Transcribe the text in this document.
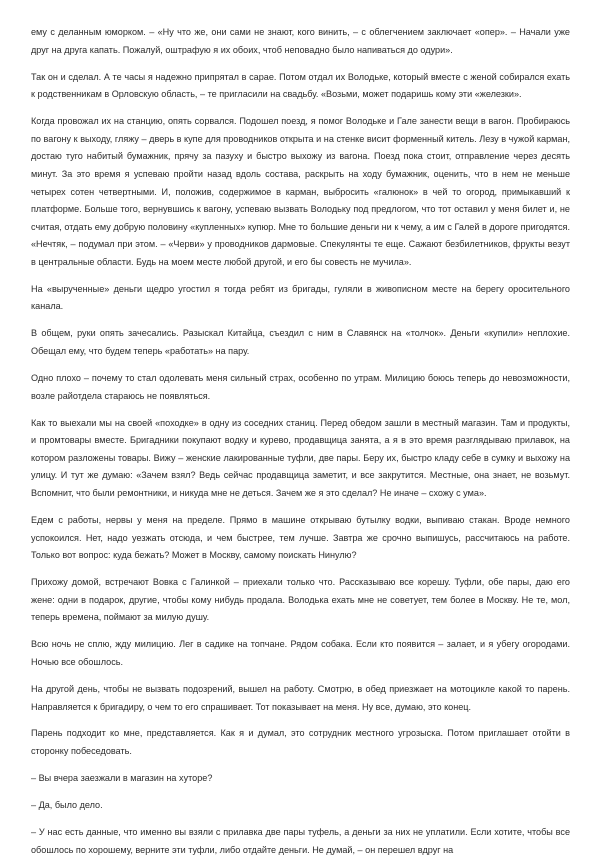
ему с деланным юморком. – «Ну что же, они сами не знают, кого винить, – с облегчением заключает «опер». – Начали уже друг на друга капать. Пожалуй, оштрафую я их обоих, чтоб неповадно было напиваться до одури».

Так он и сделал. А те часы я надежно припрятал в сарае. Потом отдал их Володьке, который вместе с женой собирался ехать к родственникам в Орловскую область, – те пригласили на свадьбу. «Возьми, может подаришь кому эти «железки».

Когда провожал их на станцию, опять сорвался. Подошел поезд, я помог Володьке и Гале занести вещи в вагон. Пробираюсь по вагону к выходу, гляжу – дверь в купе для проводников открыта и на стенке висит форменный китель. Лезу в чужой карман, достаю туго набитый бумажник, прячу за пазуху и быстро выхожу из вагона. Поезд пока стоит, отправление через десять минут. За это время я успеваю пройти назад вдоль состава, раскрыть на ходу бумажник, оценить, что в нем не меньше четырех сотен четвертными. И, положив, содержимое в карман, выбросить «галюнок» в чей то огород, примыкавший к платформе. Больше того, вернувшись к вагону, успеваю вызвать Володьку под предлогом, что тот оставил у меня билет и, не считая, отдать ему добрую половину «купленных» купюр. Мне то большие деньги ни к чему, а им с Галей в дороге пригодятся. «Нечтяк, – подумал при этом. – «Черви» у проводников дармовые. Спекулянты те еще. Сажают безбилетников, фрукты везут в центральные области. Будь на моем месте любой другой, и его бы совесть не мучила».

На «вырученные» деньги щедро угостил я тогда ребят из бригады, гуляли в живописном месте на берегу оросительного канала.

В общем, руки опять зачесались. Разыскал Китайца, съездил с ним в Славянск на «толчок». Деньги «купили» неплохие. Обещал ему, что будем теперь «работать» на пару.

Одно плохо – почему то стал одолевать меня сильный страх, особенно по утрам. Милицию боюсь теперь до невозможности, возле райотдела стараюсь не появляться.

Как то выехали мы на своей «походке» в одну из соседних станиц. Перед обедом зашли в местный магазин. Там и продукты, и промтовары вместе. Бригадники покупают водку и курево, продавщица занята, а я в это время разглядываю прилавок, на котором разложены товары. Вижу – женские лакированные туфли, две пары. Беру их, быстро кладу себе в сумку и выхожу на улицу. И тут же думаю: «Зачем взял? Ведь сейчас продавщица заметит, и все закрутится. Местные, она знает, не возьмут. Вспомнит, что были ремонтники, и никуда мне не деться. Зачем же я это сделал? Не иначе – схожу с ума».

Едем с работы, нервы у меня на пределе. Прямо в машине открываю бутылку водки, выпиваю стакан. Вроде немного успокоился. Нет, надо уезжать отсюда, и чем быстрее, тем лучше. Завтра же срочно выпишусь, рассчитаюсь на работе. Только вот вопрос: куда бежать? Может в Москву, самому поискать Нинулю?

Прихожу домой, встречают Вовка с Галинкой – приехали только что. Рассказываю все корешу. Туфли, обе пары, даю его жене: одни в подарок, другие, чтобы кому нибудь продала. Володька ехать мне не советует, тем более в Москву. Не те, мол, теперь времена, поймают за милую душу.

Всю ночь не сплю, жду милицию. Лег в садике на топчане. Рядом собака. Если кто появится – залает, и я убегу огородами. Ночью все обошлось.

На другой день, чтобы не вызвать подозрений, вышел на работу. Смотрю, в обед приезжает на мотоцикле какой то парень. Направляется к бригадиру, о чем то его спрашивает. Тот показывает на меня. Ну все, думаю, это конец.

Парень подходит ко мне, представляется. Как я и думал, это сотрудник местного угрозыска. Потом приглашает отойти в сторонку побеседовать.

– Вы вчера заезжали в магазин на хуторе?

– Да, было дело.

– У нас есть данные, что именно вы взяли с прилавка две пары туфель, а деньги за них не уплатили. Если хотите, чтобы все обошлось по хорошему, верните эти туфли, либо отдайте деньги. Не думай, – он перешел вдруг на
